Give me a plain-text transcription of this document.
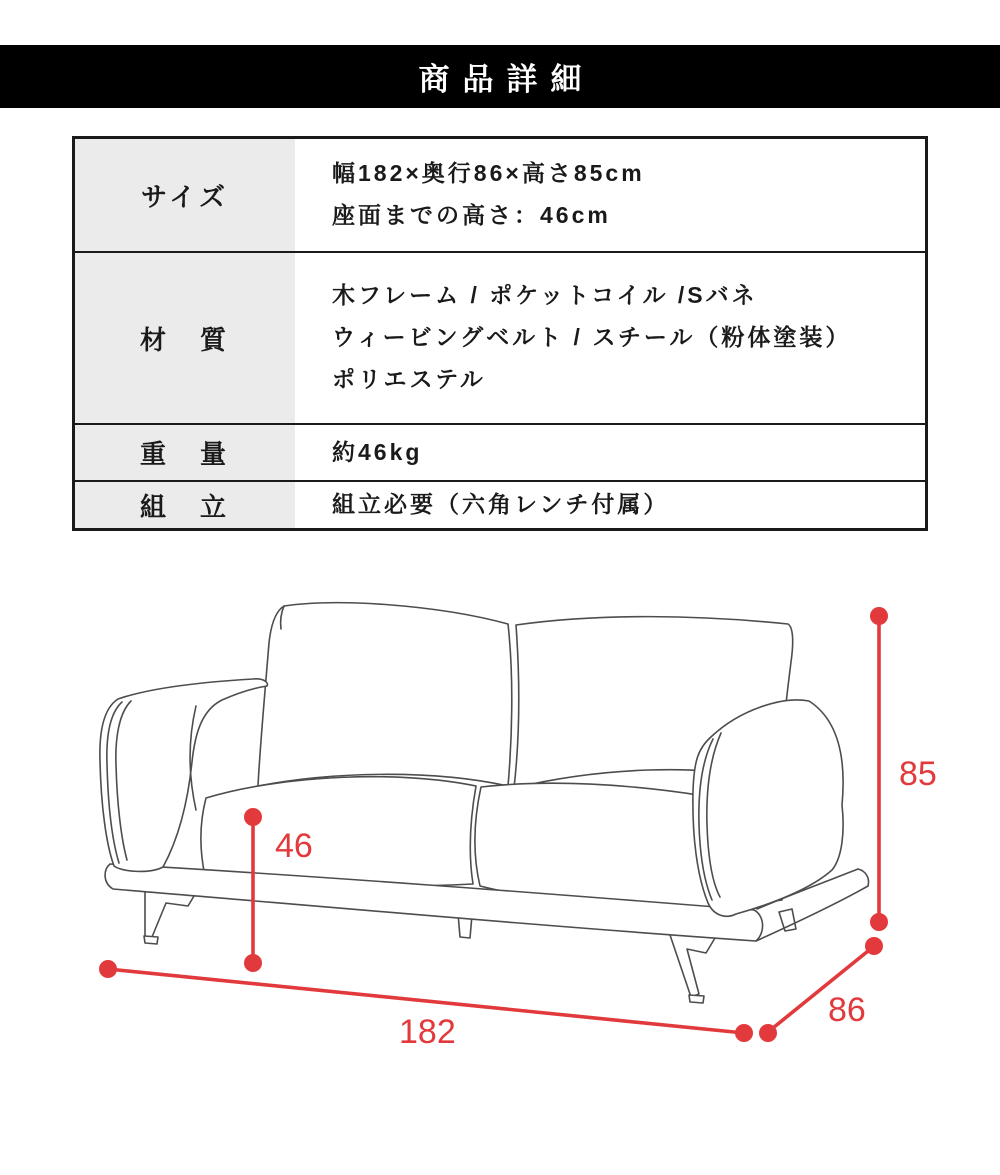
商品詳細
サイズ
幅182×奥行86×高さ85cm
座面までの高さ：46cm
材　質
木フレーム / ポケットコイル /Sバネ
ウィービングベルト / スチール（粉体塗装）
ポリエステル
重　量	約46kg
組　立	組立必要（六角レンチ付属）
46
85
182
86
